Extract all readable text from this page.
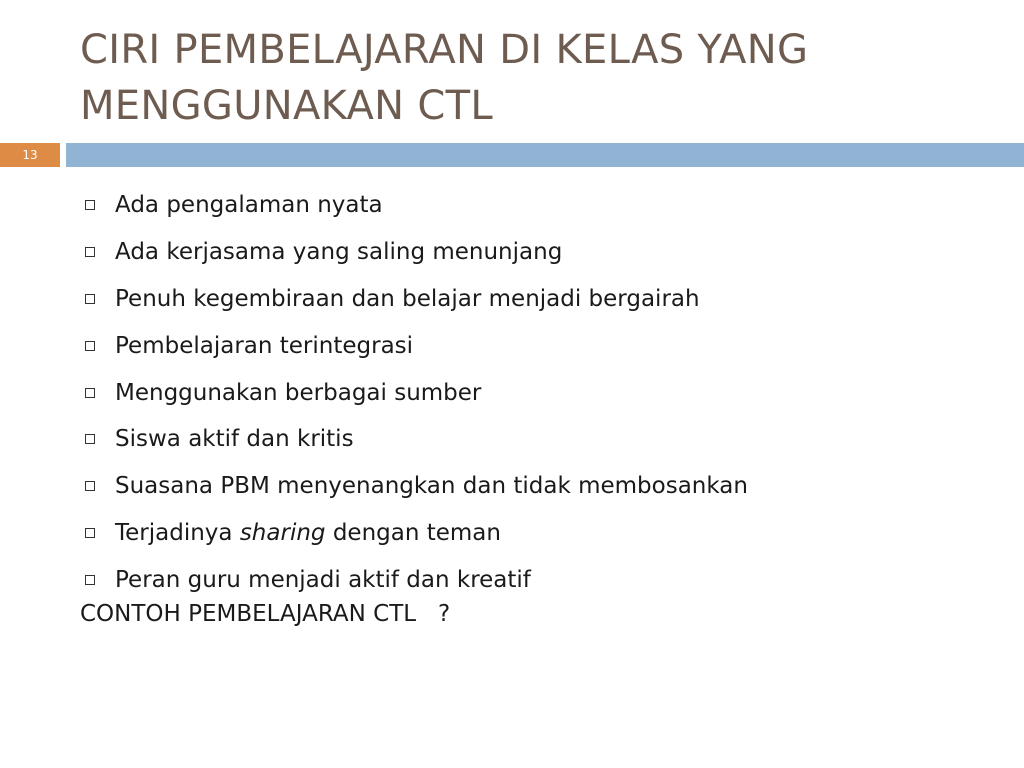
CIRI PEMBELAJARAN DI KELAS YANG MENGGUNAKAN CTL
13
Ada pengalaman nyata
Ada kerjasama yang saling menunjang
Penuh kegembiraan dan belajar menjadi bergairah
Pembelajaran terintegrasi
Menggunakan berbagai sumber
Siswa aktif dan kritis
Suasana PBM menyenangkan dan tidak membosankan
Terjadinya sharing dengan teman
Peran guru menjadi aktif dan kreatif
CONTOH PEMBELAJARAN CTL   ?
